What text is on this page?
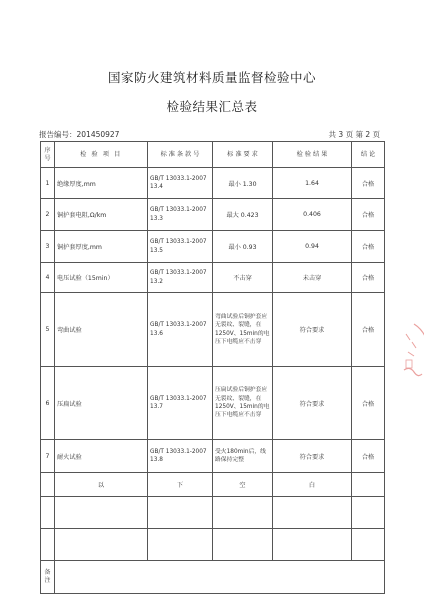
国家防火建筑材料质量监督检验中心
检验结果汇总表
报告编号：201450927	共 3 页 第 2 页
序号	检 验 项 目	标 准 条 款 号	标 准 要 求	检 验 结 果	结 论
1	绝缘厚度,mm	GB/T 13033.1-2007 13.4	最小 1.30	1.64	合格
2	铜护套电阻,Ω/km	GB/T 13033.1-2007 13.3	最大 0.423	0.406	合格
3	铜护套厚度,mm	GB/T 13033.1-2007 13.5	最小 0.93	0.94	合格
4	电压试验（15min）	GB/T 13033.1-2007 13.2	不击穿	未击穿	合格
5	弯曲试验	GB/T 13033.1-2007 13.6	弯曲试验后铜护套应无裂纹、裂缝，在1250V、15min的电压下电缆应不击穿	符合要求	合格
6	压扁试验	GB/T 13033.1-2007 13.7	压扁试验后铜护套应无裂纹、裂缝，在1250V、15min的电压下电缆应不击穿	符合要求	合格
7	耐火试验	GB/T 13033.1-2007 13.8	受火180min后，线路保持完整	符合要求	合格
	以	下	空	白	

备注					
